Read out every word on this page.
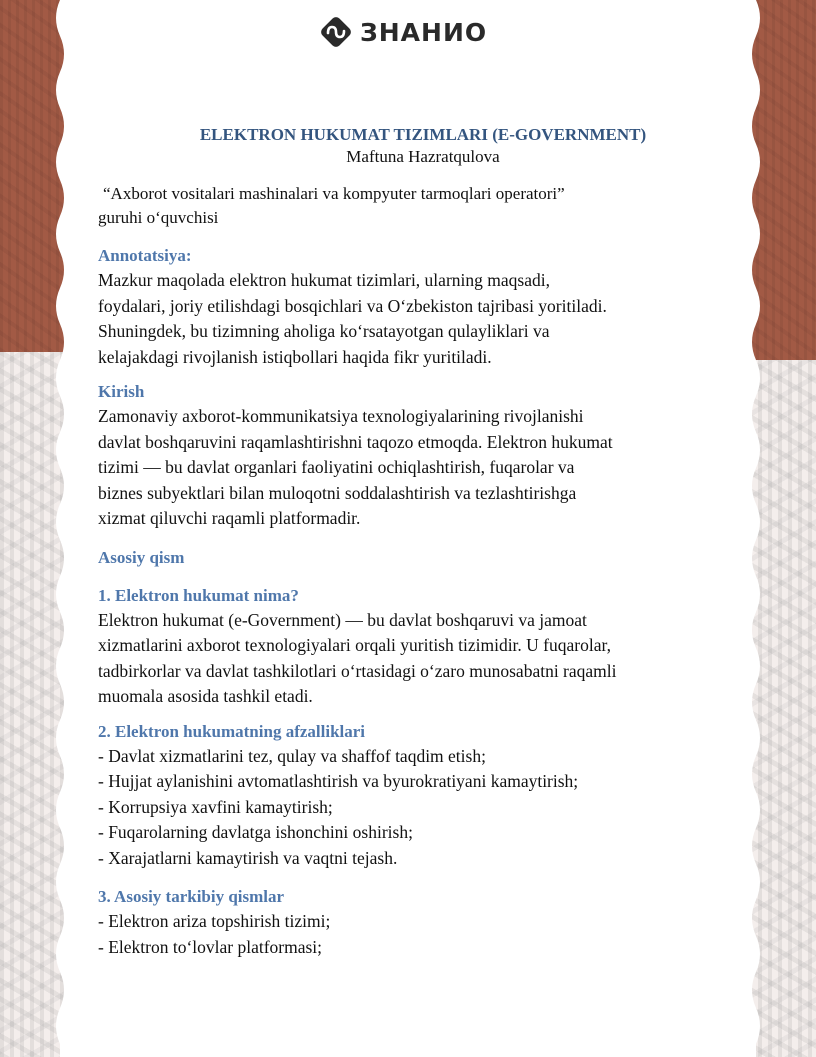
ЗНАНИО
ELEKTRON HUKUMAT TIZIMLARI (E-GOVERNMENT)
Maftuna Hazratqulova
“Axborot vositalari mashinalari va kompyuter tarmoqlari operatori”
guruhi o‘quvchisi
Annotatsiya:

Mazkur maqolada elektron hukumat tizimlari, ularning maqsadi,

foydalari, joriy etilishdagi bosqichlari va O‘zbekiston tajribasi yoritiladi.

Shuningdek, bu tizimning aholiga ko‘rsatayotgan qulayliklari va

kelajakdagi rivojlanish istiqbollari haqida fikr yuritiladi.

Kirish

Zamonaviy axborot-kommunikatsiya texnologiyalarining rivojlanishi

davlat boshqaruvini raqamlashtirishni taqozo etmoqda. Elektron hukumat

tizimi — bu davlat organlari faoliyatini ochiqlashtirish, fuqarolar va

biznes subyektlari bilan muloqotni soddalashtirish va tezlashtirishga

xizmat qiluvchi raqamli platformadir.

Asosiy qism
1. Elektron hukumat nima?

Elektron hukumat (e-Government) — bu davlat boshqaruvi va jamoat

xizmatlarini axborot texnologiyalari orqali yuritish tizimidir. U fuqarolar,

tadbirkorlar va davlat tashkilotlari o‘rtasidagi o‘zaro munosabatni raqamli

muomala asosida tashkil etadi.

2. Elektron hukumatning afzalliklari
- Davlat xizmatlarini tez, qulay va shaffof taqdim etish;
- Hujjat aylanishini avtomatlashtirish va byurokratiyani kamaytirish;
- Korrupsiya xavfini kamaytirish;
- Fuqarolarning davlatga ishonchini oshirish;
- Xarajatlarni kamaytirish va vaqtni tejash.
3. Asosiy tarkibiy qismlar
- Elektron ariza topshirish tizimi;
- Elektron to‘lovlar platformasi;
